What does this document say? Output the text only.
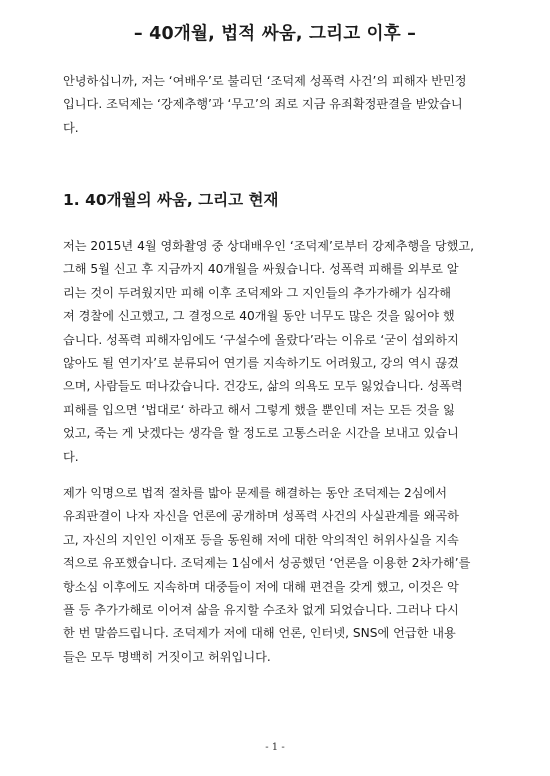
– 40개월, 법적 싸움, 그리고 이후 –
안녕하십니까, 저는 ‘여배우’로 불리던 ‘조덕제 성폭력 사건’의 피해자 반민정
입니다. 조덕제는 ‘강제추행’과 ‘무고’의 죄로 지금 유죄확정판결을 받았습니
다.
1. 40개월의 싸움, 그리고 현재
저는 2015년 4월 영화촬영 중 상대배우인 ‘조덕제’로부터 강제추행을 당했고,
그해 5월 신고 후 지금까지 40개월을 싸웠습니다. 성폭력 피해를 외부로 알
리는 것이 두려웠지만 피해 이후 조덕제와 그 지인들의 추가가해가 심각해
져 경찰에 신고했고, 그 결정으로 40개월 동안 너무도 많은 것을 잃어야 했
습니다. 성폭력 피해자임에도 ‘구설수에 올랐다’라는 이유로 ‘굳이 섭외하지
않아도 될 연기자’로 분류되어 연기를 지속하기도 어려웠고, 강의 역시 끊겼
으며, 사람들도 떠나갔습니다. 건강도, 삶의 의욕도 모두 잃었습니다. 성폭력
피해를 입으면 ‘법대로‘ 하라고 해서 그렇게 했을 뿐인데 저는 모든 것을 잃
었고, 죽는 게 낫겠다는 생각을 할 정도로 고통스러운 시간을 보내고 있습니
다.
제가 익명으로 법적 절차를 밟아 문제를 해결하는 동안 조덕제는 2심에서
유죄판결이 나자 자신을 언론에 공개하며 성폭력 사건의 사실관계를 왜곡하
고, 자신의 지인인 이재포 등을 동원해 저에 대한 악의적인 허위사실을 지속
적으로 유포했습니다. 조덕제는 1심에서 성공했던 ‘언론을 이용한 2차가해’를
항소심 이후에도 지속하며 대중들이 저에 대해 편견을 갖게 했고, 이것은 악
플 등 추가가해로 이어져 삶을 유지할 수조차 없게 되었습니다. 그러나 다시
한 번 말씀드립니다. 조덕제가 저에 대해 언론, 인터넷, SNS에 언급한 내용
들은 모두 명백히 거짓이고 허위입니다.
- 1 -
